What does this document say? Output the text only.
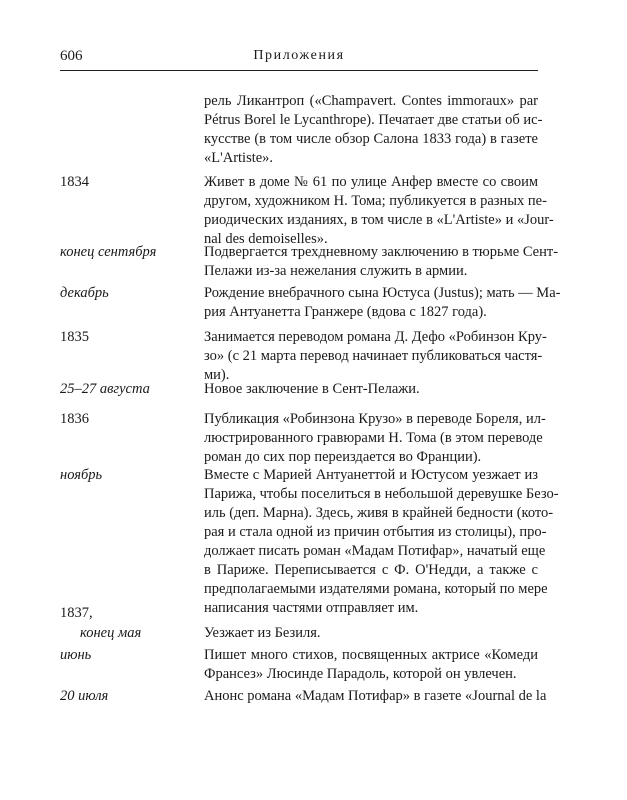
606	Приложения
рель Ликантроп («Champavert. Contes immoraux» par
Pétrus Borel le Lycanthrope). Печатает две статьи об ис-
кусстве (в том числе обзор Салона 1833 года) в газете
«L'Artiste».
1834	Живет в доме № 61 по улице Анфер вместе со своим
другом, художником Н. Тома; публикуется в разных пе-
риодических изданиях, в том числе в «L'Artiste» и «Jour-
nal des demoiselles».
конец сентября	Подвергается трехдневному заключению в тюрьме Сент-
Пелажи из-за нежелания служить в армии.
декабрь	Рождение внебрачного сына Юстуса (Justus); мать — Ма-
рия Антуанетта Гранжере (вдова с 1827 года).
1835	Занимается переводом романа Д. Дефо «Робинзон Кру-
зо» (с 21 марта перевод начинает публиковаться частя-
ми).
25–27 августа	Новое заключение в Сент-Пелажи.
1836	Публикация «Робинзона Крузо» в переводе Бореля, ил-
люстрированного гравюрами Н. Тома (в этом переводе
роман до сих пор переиздается во Франции).
ноябрь	Вместе с Марией Антуанеттой и Юстусом уезжает из
Парижа, чтобы поселиться в небольшой деревушке Безо-
иль (деп. Марна). Здесь, живя в крайней бедности (кото-
рая и стала одной из причин отбытия из столицы), про-
должает писать роман «Мадам Потифар», начатый еще
в Париже. Переписывается с Ф. О'Недди, а также с
предполагаемыми издателями романа, который по мере
написания частями отправляет им.
1837,
конец мая	Уезжает из Безиля.
июнь	Пишет много стихов, посвященных актрисе «Комеди
Франсез» Люсинде Парадоль, которой он увлечен.
20 июля	Анонс романа «Мадам Потифар» в газете «Journal de la
